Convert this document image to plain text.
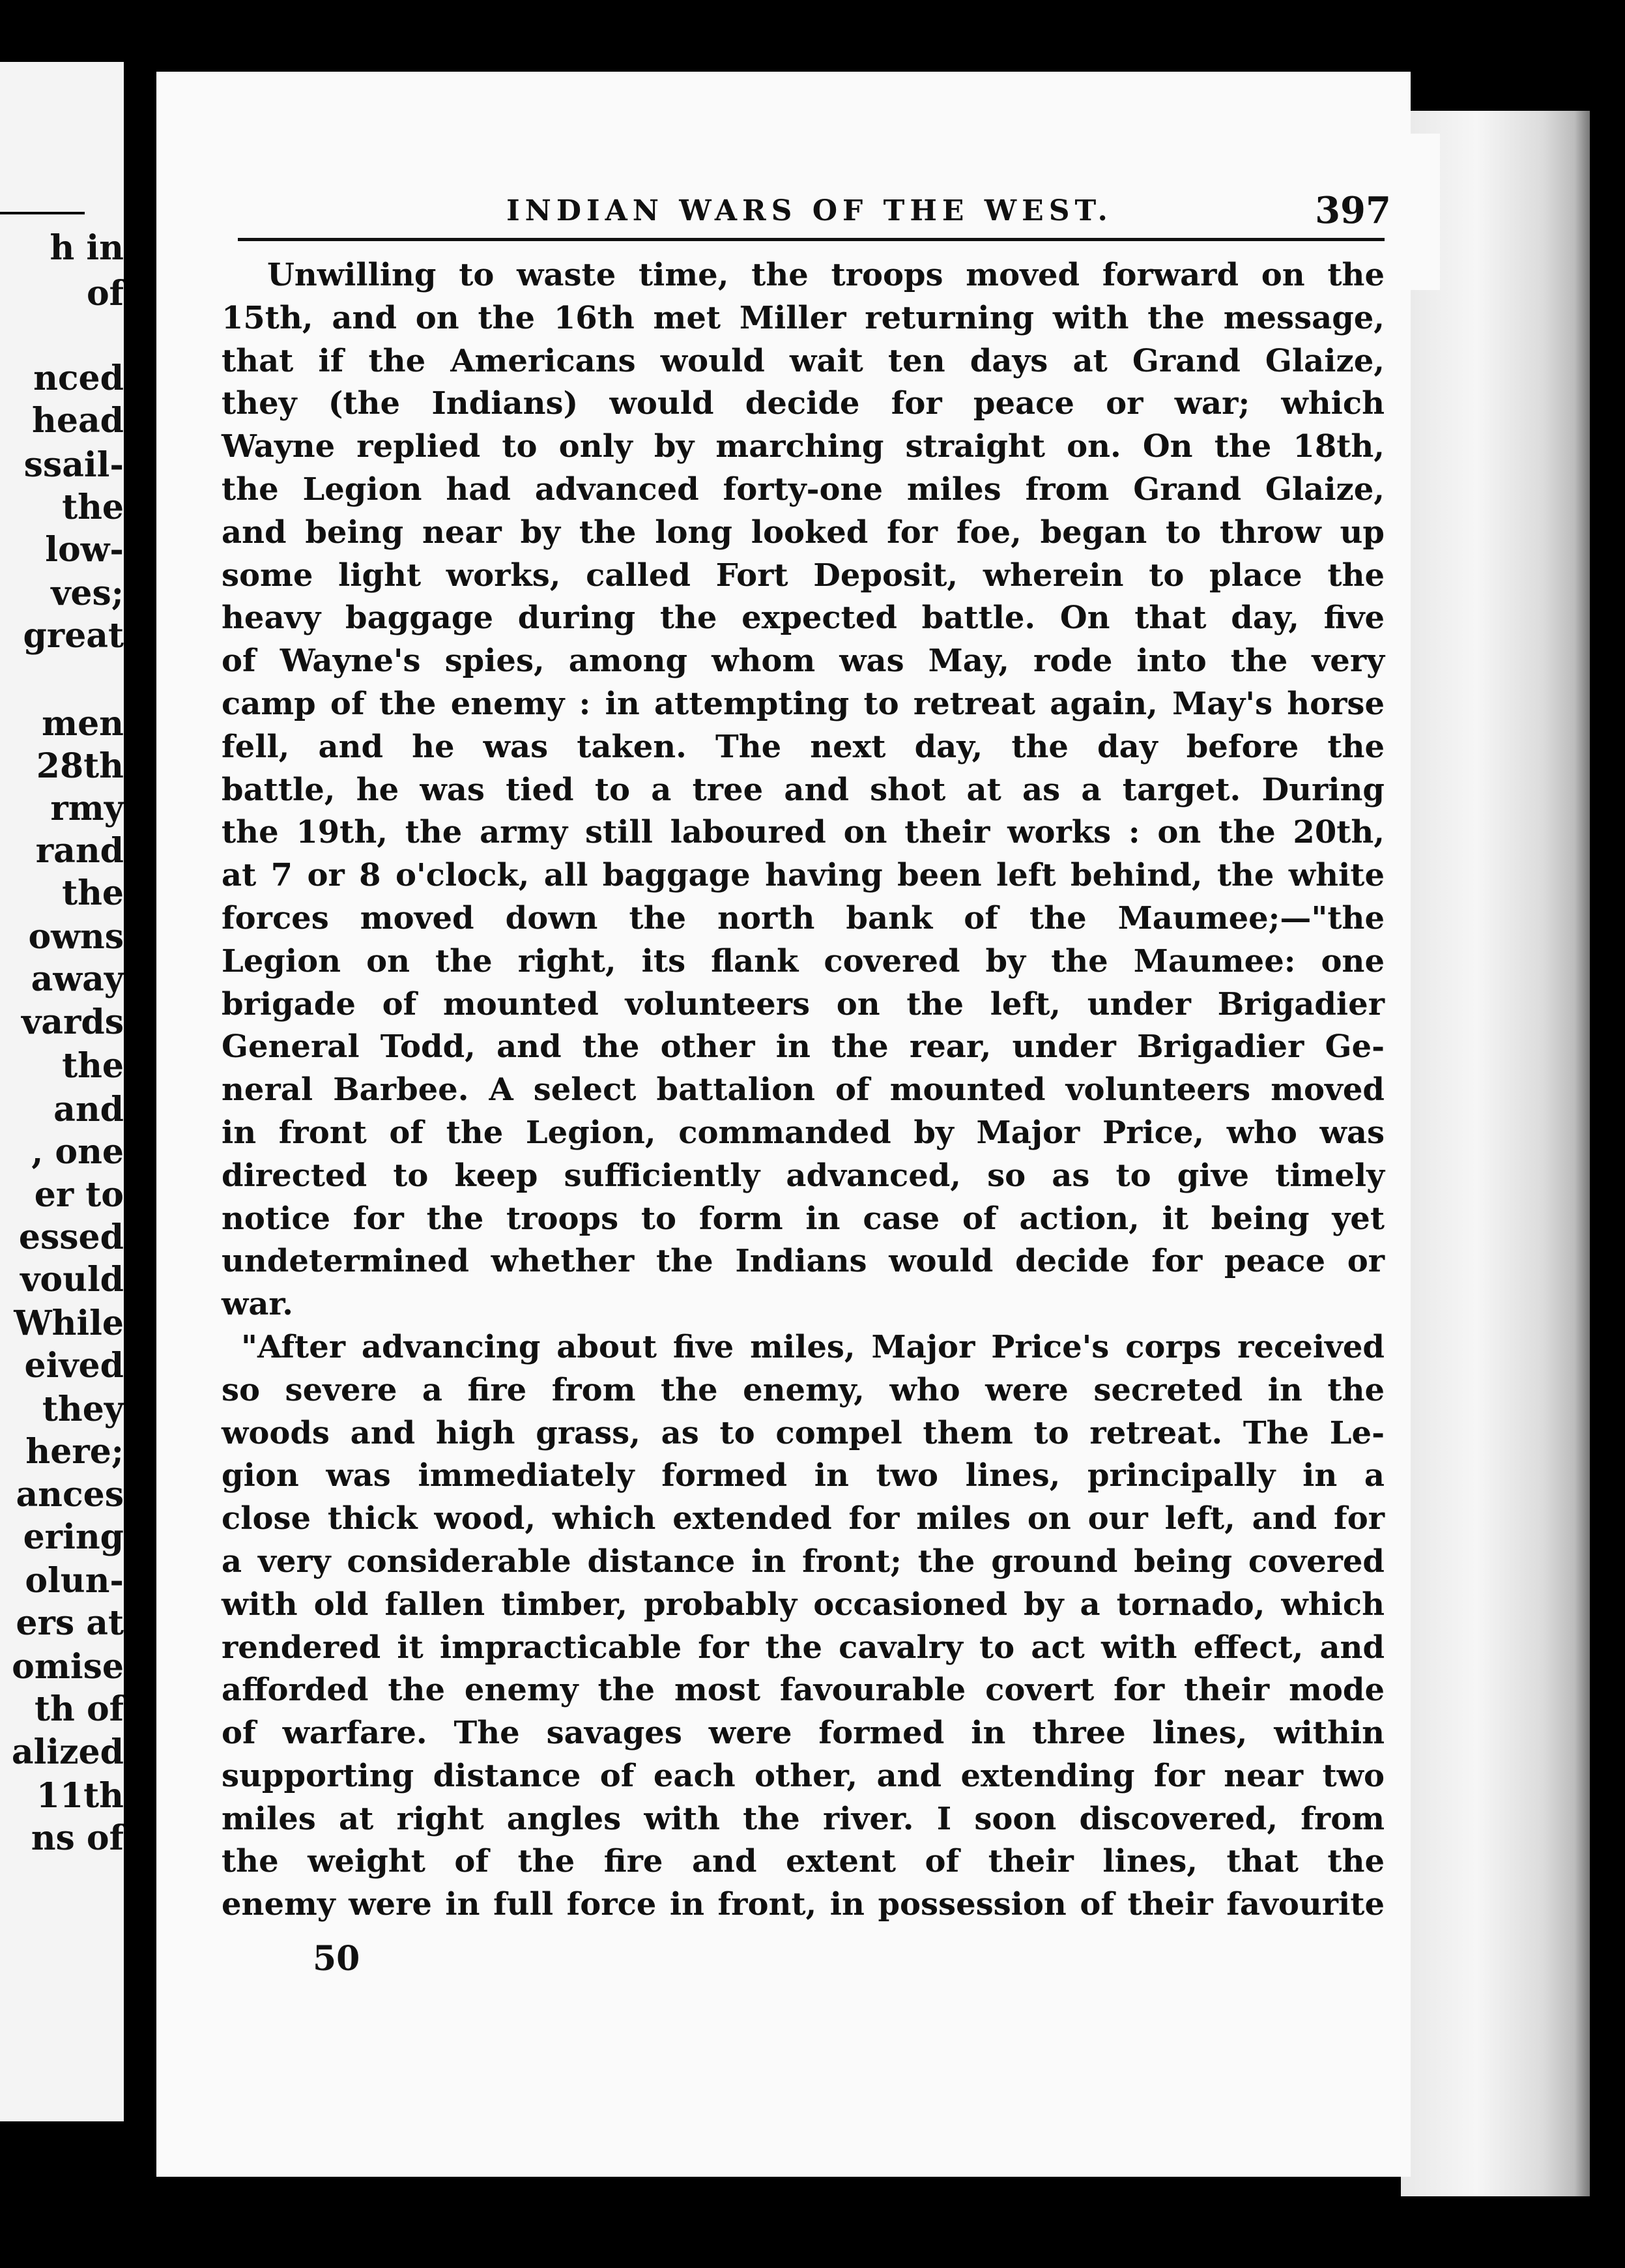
h in
of
nced
head
ssail-
the
low-
ves;
great
men
28th
rmy
rand
the
owns
away
vards
the
and
, one
er to
essed
vould
While
eived
they
here;
ances
ering
olun-
ers at
omise
th of
alized
11th
ns of
INDIAN WARS OF THE WEST.	397
Unwilling to waste time, the troops moved forward on the
15th, and on the 16th met Miller returning with the message,
that if the Americans would wait ten days at Grand Glaize,
they (the Indians) would decide for peace or war; which
Wayne replied to only by marching straight on. On the 18th,
the Legion had advanced forty-one miles from Grand Glaize,
and being near by the long looked for foe, began to throw up
some light works, called Fort Deposit, wherein to place the
heavy baggage during the expected battle. On that day, five
of Wayne's spies, among whom was May, rode into the very
camp of the enemy : in attempting to retreat again, May's horse
fell, and he was taken. The next day, the day before the
battle, he was tied to a tree and shot at as a target. During
the 19th, the army still laboured on their works : on the 20th,
at 7 or 8 o'clock, all baggage having been left behind, the white
forces moved down the north bank of the Maumee;—"the
Legion on the right, its flank covered by the Maumee: one
brigade of mounted volunteers on the left, under Brigadier
General Todd, and the other in the rear, under Brigadier Ge-
neral Barbee. A select battalion of mounted volunteers moved
in front of the Legion, commanded by Major Price, who was
directed to keep sufficiently advanced, so as to give timely
notice for the troops to form in case of action, it being yet
undetermined whether the Indians would decide for peace or
war.
"After advancing about five miles, Major Price's corps received
so severe a fire from the enemy, who were secreted in the
woods and high grass, as to compel them to retreat. The Le-
gion was immediately formed in two lines, principally in a
close thick wood, which extended for miles on our left, and for
a very considerable distance in front; the ground being covered
with old fallen timber, probably occasioned by a tornado, which
rendered it impracticable for the cavalry to act with effect, and
afforded the enemy the most favourable covert for their mode
of warfare. The savages were formed in three lines, within
supporting distance of each other, and extending for near two
miles at right angles with the river. I soon discovered, from
the weight of the fire and extent of their lines, that the
enemy were in full force in front, in possession of their favourite
50
